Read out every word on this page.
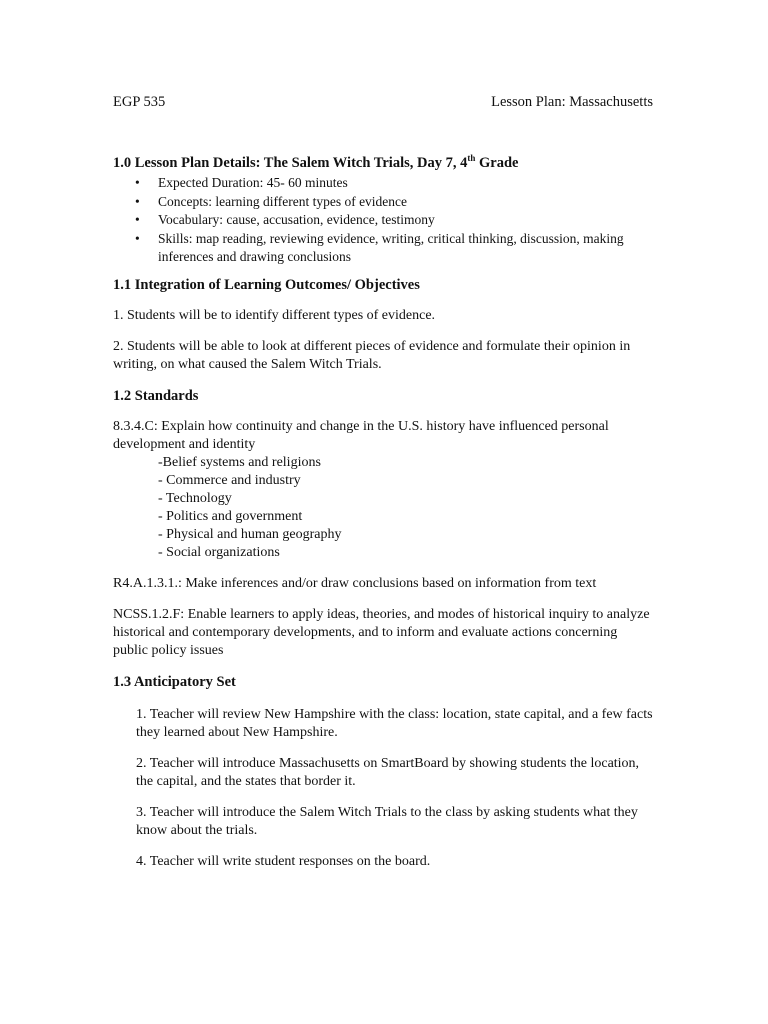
EGP 535	Lesson Plan: Massachusetts
1.0 Lesson Plan Details: The Salem Witch Trials, Day 7, 4th Grade
• Expected Duration: 45- 60 minutes
• Concepts: learning different types of evidence
• Vocabulary: cause, accusation, evidence, testimony
• Skills: map reading, reviewing evidence, writing, critical thinking, discussion, making inferences and drawing conclusions
1.1 Integration of Learning Outcomes/ Objectives
1. Students will be to identify different types of evidence.
2. Students will be able to look at different pieces of evidence and formulate their opinion in writing, on what caused the Salem Witch Trials.
1.2 Standards
8.3.4.C: Explain how continuity and change in the U.S. history have influenced personal development and identity
-Belief systems and religions
- Commerce and industry
- Technology
- Politics and government
- Physical and human geography
- Social organizations
R4.A.1.3.1.: Make inferences and/or draw conclusions based on information from text
NCSS.1.2.F: Enable learners to apply ideas, theories, and modes of historical inquiry to analyze historical and contemporary developments, and to inform and evaluate actions concerning public policy issues
1.3 Anticipatory Set
1. Teacher will review New Hampshire with the class: location, state capital, and a few facts they learned about New Hampshire.
2. Teacher will introduce Massachusetts on SmartBoard by showing students the location, the capital, and the states that border it.
3. Teacher will introduce the Salem Witch Trials to the class by asking students what they know about the trials.
4. Teacher will write student responses on the board.
